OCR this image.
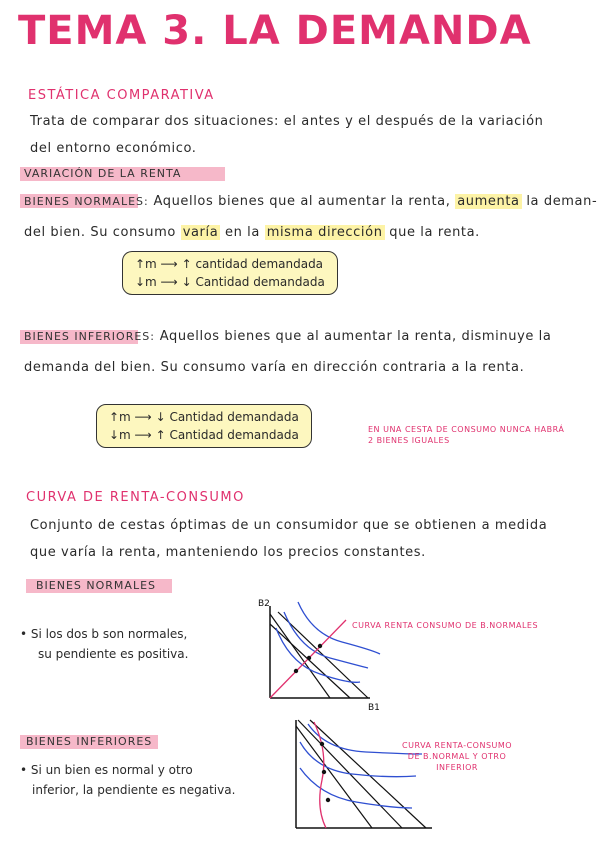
TEMA 3. LA DEMANDA
ESTÁTICA COMPARATIVA
Trata de comparar dos situaciones: el antes y el después de la variación
del entorno económico.
VARIACIÓN DE LA RENTA
BIENES NORMALES: Aquellos bienes que al aumentar la renta, aumenta la deman-
del bien. Su consumo varía en la misma dirección que la renta.
↑m ⟶ ↑ cantidad demandada
↓m ⟶ ↓ Cantidad demandada
BIENES INFERIORES: Aquellos bienes que al aumentar la renta, disminuye la
demanda del bien. Su consumo varía en dirección contraria a la renta.
↑m ⟶ ↓ Cantidad demandada
↓m ⟶ ↑ Cantidad demandada	EN UNA CESTA DE CONSUMO NUNCA HABRÁ
2 BIENES IGUALES
CURVA DE RENTA-CONSUMO
Conjunto de cestas óptimas de un consumidor que se obtienen a medida
que varía la renta, manteniendo los precios constantes.
BIENES NORMALES
• Si los dos b son normales,
su pendiente es positiva.
B2
B1
CURVA RENTA CONSUMO DE B.NORMALES
BIENES INFERIORES
• Si un bien es normal y otro
inferior, la pendiente es negativa.
CURVA RENTA-CONSUMO
DE B.NORMAL Y OTRO
INFERIOR
